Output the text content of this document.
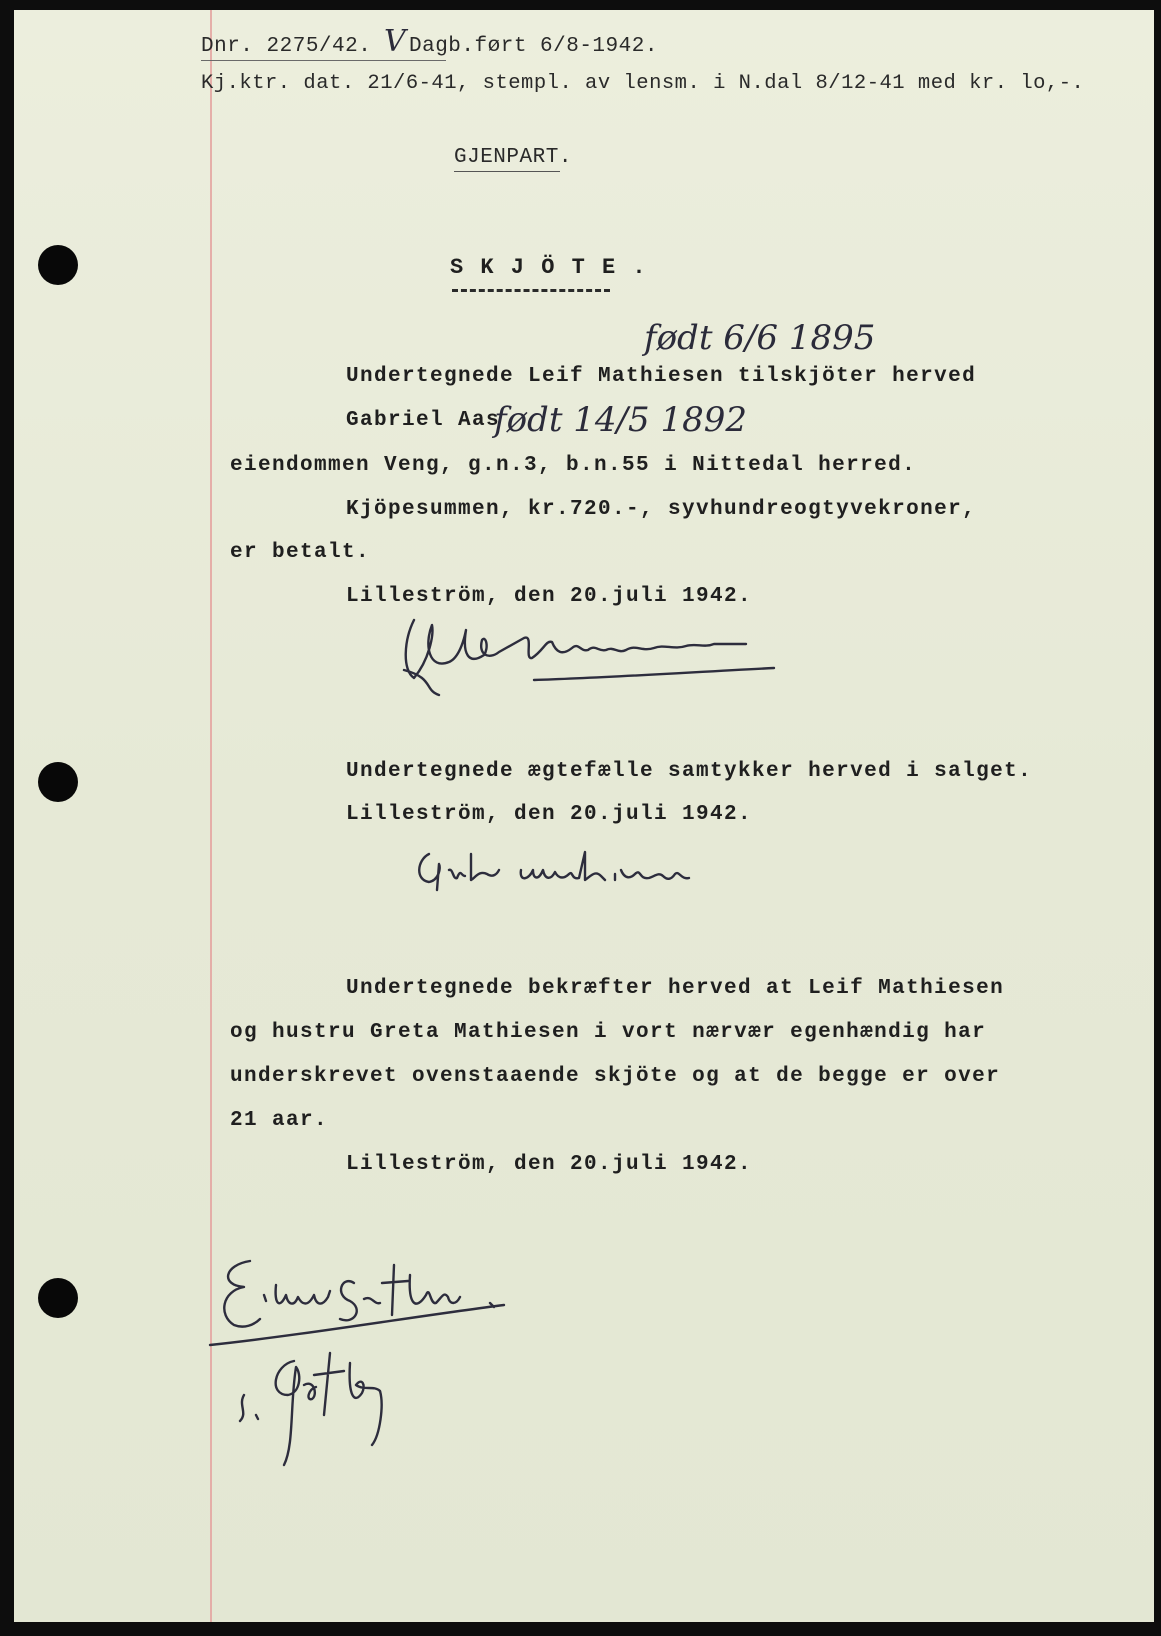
Dnr. 2275/42. V Dagb.ført 6/8-1942.
Kj.ktr. dat. 21/6-41, stempl. av lensm. i N.dal 8/12-41 med kr. lo,-.
GJENPART.
S K J Ö T E .
født 6/6 1895
født 14/5 1892
Undertegnede Leif Mathiesen tilskjöter herved
Gabriel Aas
eiendommen Veng, g.n.3, b.n.55 i Nittedal herred.
Kjöpesummen, kr.720.-, syvhundreogtyvekroner,
er betalt.
Lilleström, den 20.juli 1942.
Undertegnede ægtefælle samtykker herved i salget.
Lilleström, den 20.juli 1942.
Undertegnede bekræfter herved at Leif Mathiesen
og hustru Greta Mathiesen i vort nærvær egenhændig har
underskrevet ovenstaaende skjöte og at de begge er over
21 aar.
Lilleström, den 20.juli 1942.
